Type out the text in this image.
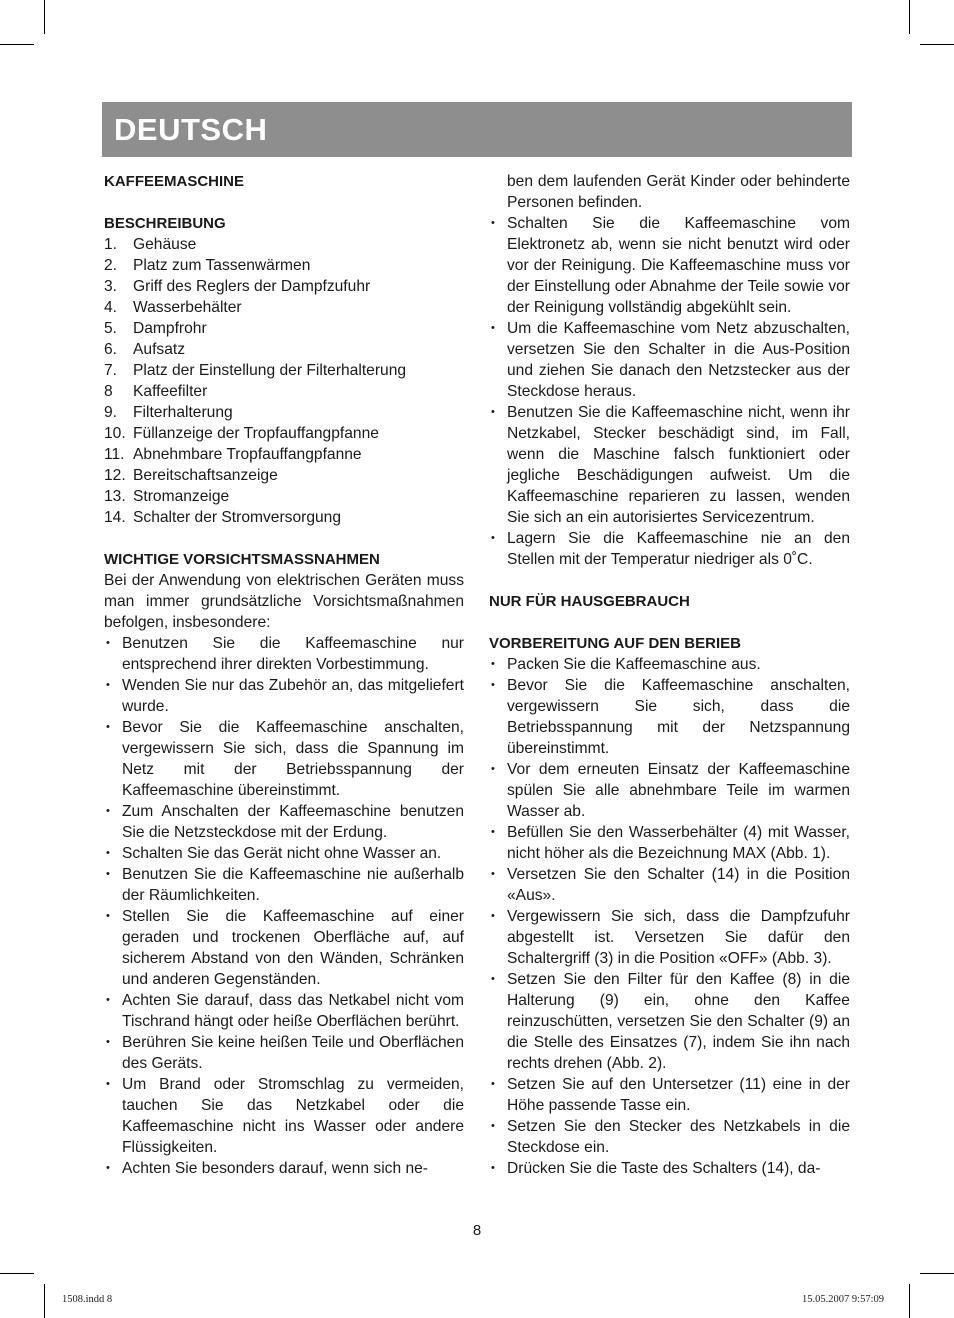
DEUTSCH
KAFFEEMASCHINE
BESCHREIBUNG
1.	Gehäuse
2.	Platz zum Tassenwärmen
3.	Griff des Reglers der Dampfzufuhr
4.	Wasserbehälter
5.	Dampfrohr
6.	Aufsatz
7.	Platz der Einstellung der Filterhalterung
8	Kaffeefilter
9.	Filterhalterung
10. Füllanzeige der Tropfauffangpfanne
11. Abnehmbare Tropfauffangpfanne
12. Bereitschaftsanzeige
13. Stromanzeige
14. Schalter der Stromversorgung
WICHTIGE VORSICHTSMASSNAHMEN
Bei der Anwendung von elektrischen Geräten muss man immer grundsätzliche Vorsichtsmaßnahmen befolgen, insbesondere:
• Benutzen Sie die Kaffeemaschine nur entsprechend ihrer direkten Vorbestimmung.
• Wenden Sie nur das Zubehör an, das mitgeliefert wurde.
• Bevor Sie die Kaffeemaschine anschalten, vergewissern Sie sich, dass die Spannung im Netz mit der Betriebsspannung der Kaffeemaschine übereinstimmt.
• Zum Anschalten der Kaffeemaschine benutzen Sie die Netzsteckdose mit der Erdung.
• Schalten Sie das Gerät nicht ohne Wasser an.
• Benutzen Sie die Kaffeemaschine nie außerhalb der Räumlichkeiten.
• Stellen Sie die Kaffeemaschine auf einer geraden und trockenen Oberfläche auf, auf sicherem Abstand von den Wänden, Schränken und anderen Gegenständen.
• Achten Sie darauf, dass das Netkabel nicht vom Tischrand hängt oder heiße Oberflächen berührt.
• Berühren Sie keine heißen Teile und Oberflächen des Geräts.
• Um Brand oder Stromschlag zu vermeiden, tauchen Sie das Netzkabel oder die Kaffeemaschine nicht ins Wasser oder andere Flüssigkeiten.
• Achten Sie besonders darauf, wenn sich ne-
ben dem laufenden Gerät Kinder oder behinderte Personen befinden.
• Schalten Sie die Kaffeemaschine vom Elektronetz ab, wenn sie nicht benutzt wird oder vor der Reinigung. Die Kaffeemaschine muss vor der Einstellung oder Abnahme der Teile sowie vor der Reinigung vollständig abgekühlt sein.
• Um die Kaffeemaschine vom Netz abzuschalten, versetzen Sie den Schalter in die Aus-Position und ziehen Sie danach den Netzstecker aus der Steckdose heraus.
• Benutzen Sie die Kaffeemaschine nicht, wenn ihr Netzkabel, Stecker beschädigt sind, im Fall, wenn die Maschine falsch funktioniert oder jegliche Beschädigungen aufweist. Um die Kaffeemaschine reparieren zu lassen, wenden Sie sich an ein autorisiertes Servicezentrum.
• Lagern Sie die Kaffeemaschine nie an den Stellen mit der Temperatur niedriger als 0˚C.
NUR FÜR HAUSGEBRAUCH
VORBEREITUNG AUF DEN BERIEB
• Packen Sie die Kaffeemaschine aus.
• Bevor Sie die Kaffeemaschine anschalten, vergewissern Sie sich, dass die Betriebsspannung mit der Netzspannung übereinstimmt.
• Vor dem erneuten Einsatz der Kaffeemaschine spülen Sie alle abnehmbare Teile im warmen Wasser ab.
• Befüllen Sie den Wasserbehälter (4) mit Wasser, nicht höher als die Bezeichnung MAX (Abb. 1).
• Versetzen Sie den Schalter (14) in die Position «Aus».
• Vergewissern Sie sich, dass die Dampfzufuhr abgestellt ist. Versetzen Sie dafür den Schaltergriff (3) in die Position «OFF» (Abb. 3).
• Setzen Sie den Filter für den Kaffee (8) in die Halterung (9) ein, ohne den Kaffee reinzuschütten, versetzen Sie den Schalter (9) an die Stelle des Einsatzes (7), indem Sie ihn nach rechts drehen (Abb. 2).
• Setzen Sie auf den Untersetzer (11) eine in der Höhe passende Tasse ein.
• Setzen Sie den Stecker des Netzkabels in die Steckdose ein.
• Drücken Sie die Taste des Schalters (14), da-
8
1508.indd 8	15.05.2007 9:57:09
